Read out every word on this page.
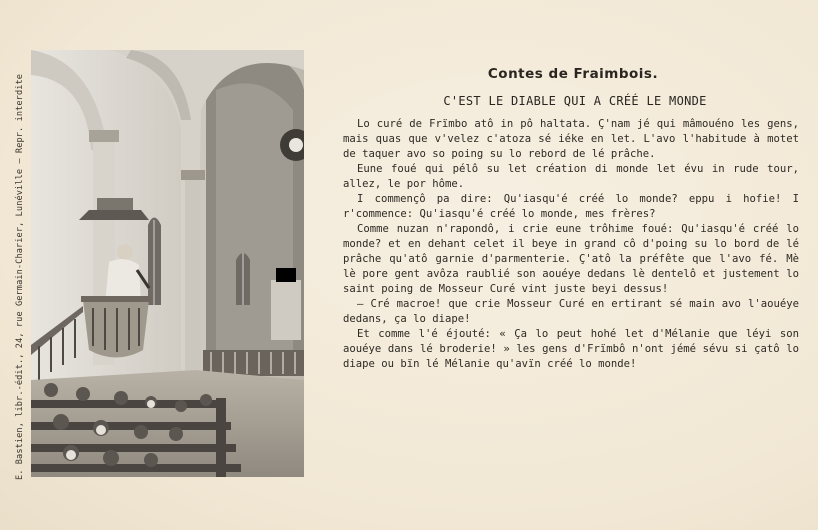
E. Bastien, libr.-édit., 24, rue Germain-Charier, Lunéville — Repr. interdite	Contes de Fraimbois.
C'EST LE DIABLE QUI A CRÉÉ LE MONDE

Lo curé de Frïmbo atô in pô haltata. Ç'nam jé qui mâmouéno les gens, mais quas que v'velez c'atoza sé iéke en let. L'avo l'habitude à motet de taquer avo so poing su lo rebord de lé prâche.

Eune foué qui pélô su let création di monde let évu in rude tour, allez, le por hôme.

I commençô pa dire: Qu'iasqu'é créé lo monde? eppu i hofie! I r'commence: Qu'iasqu'é créé lo monde, mes frères?

Comme nuzan n'rapondô, i crie eune trôhime foué: Qu'iasqu'é créé lo monde? et en dehant celet il beye in grand cô d'poing su lo bord de lé prâche qu'atô garnie d'parmenterie. Ç'atô la préfête que l'avo fé. Mè lè pore gent avôza raublié son aouéye dedans lè dentelô et justement lo saint poing de Mosseur Curé vint juste beyi dessus!

— Cré macroe! que crie Mosseur Curé en ertirant sé main avo l'aouéye dedans, ça lo diape!

Et comme l'é éjouté: « Ça lo peut hohé let d'Mélanie que léyi son aouéye dans lé broderie! » les gens d'Frïmbô n'ont jémé sévu si çatô lo diape ou bïn lé Mélanie qu'avïn créé lo monde!
